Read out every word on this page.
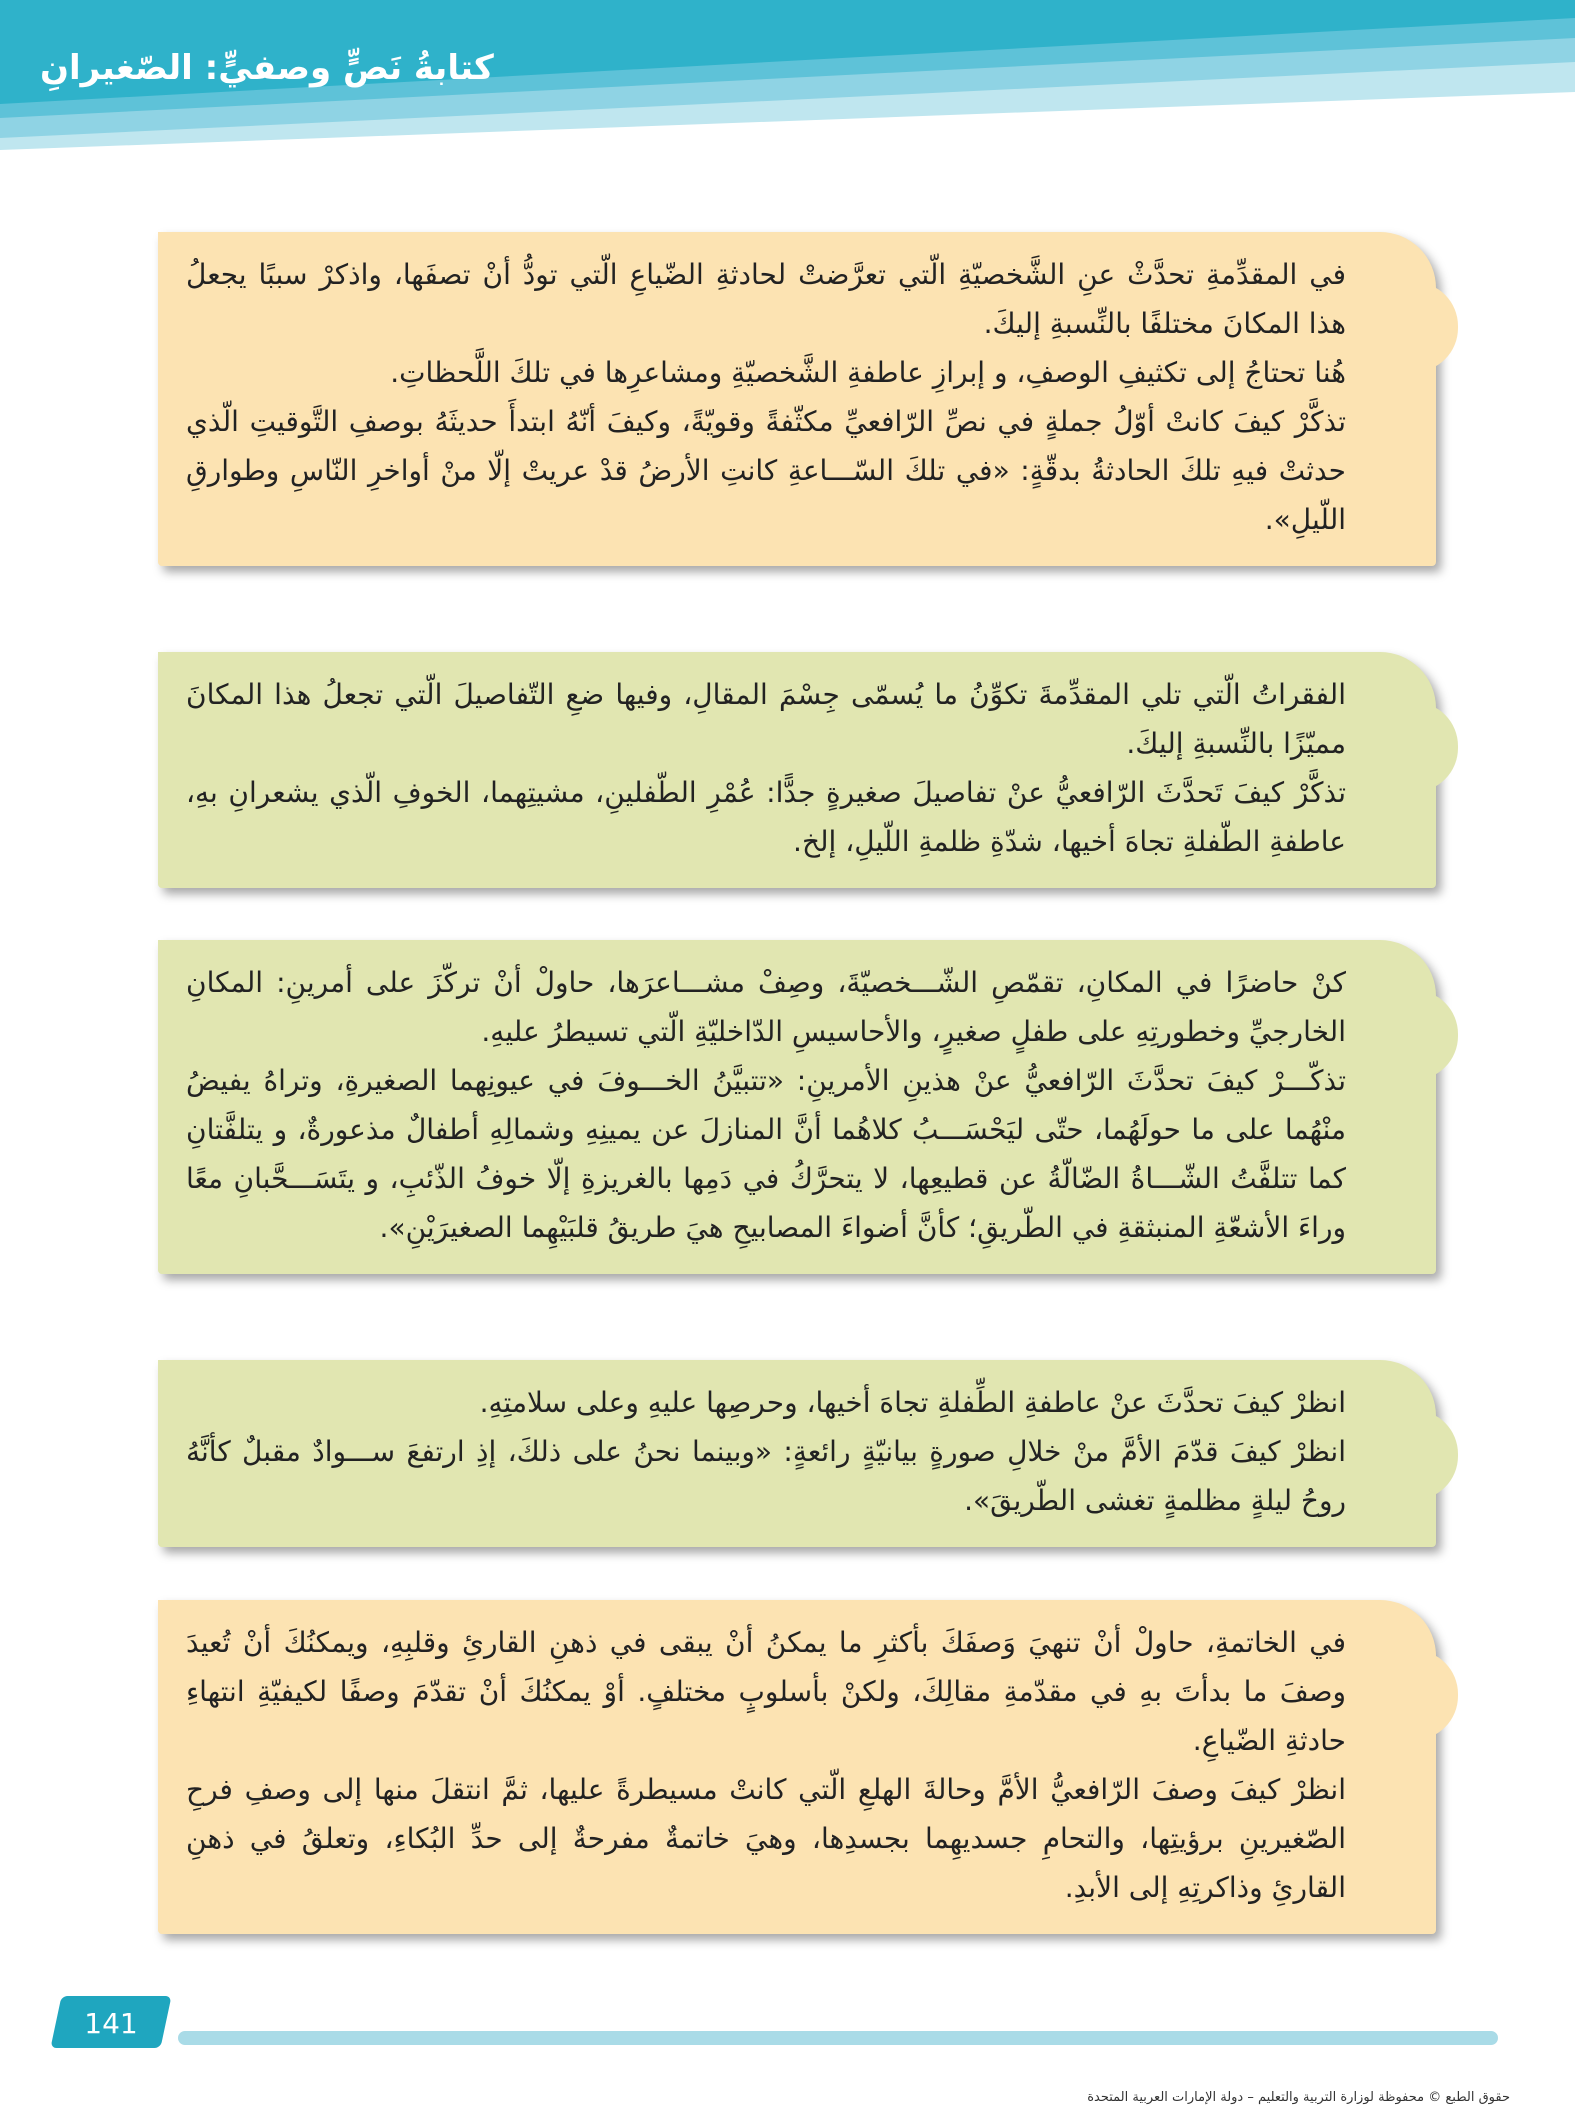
كتابةُ نَصٍّ وصفيٍّ: الصّغيرانِ

في المقدِّمةِ تحدَّثْ عنِ الشَّخصيّةِ الّتي تعرَّضتْ لحادثةِ الضّياعِ الّتي تودُّ أنْ تصفَها، واذكرْ سببًا يجعلُ هذا المكانَ مختلفًا بالنِّسبةِ إليكَ.

هُنا تحتاجُ إلى تكثيفِ الوصفِ، و إبرازِ عاطفةِ الشَّخصيّةِ ومشاعرِها في تلكَ اللَّحظاتِ.

تذكَّرْ كيفَ كانتْ أوّلُ جملةٍ في نصِّ الرّافعيِّ مكثّفةً وقويّةً، وكيفَ أنّهُ ابتدأَ حديثَهُ بوصفِ التَّوقيتِ الّذي حدثتْ فيهِ تلكَ الحادثةُ بدقّةٍ: «في تلكَ السّـــاعةِ كانتِ الأرضُ قدْ عريتْ إلّا منْ أواخرِ النّاسِ وطوارقِ اللّيلِ».

الفقراتُ الّتي تلي المقدِّمةَ تكوِّنُ ما يُسمّى جِسْمَ المقالِ، وفيها ضعِ التّفاصيلَ الّتي تجعلُ هذا المكانَ مميّزًا بالنِّسبةِ إليكَ.

تذكَّرْ كيفَ تَحدَّثَ الرّافعيُّ عنْ تفاصيلَ صغيرةٍ جدًّا: عُمْرِ الطّفلينِ، مشيتِهما، الخوفِ الّذي يشعرانِ بهِ، عاطفةِ الطّفلةِ تجاهَ أخيها، شدّةِ ظلمةِ اللّيلِ، إلخ.

كنْ حاضرًا في المكانِ، تقمّصِ الشّـــخصيّةَ، وصِفْ مشـــاعرَها، حاولْ أنْ تركّزَ على أمرينِ: المكانِ الخارجيِّ وخطورتِهِ على طفلٍ صغيرٍ، والأحاسيسِ الدّاخليّةِ الّتي تسيطرُ عليهِ.

تذكّـــرْ كيفَ تحدَّثَ الرّافعيُّ عنْ هذينِ الأمرينِ: «تتبيَّنُ الخـــوفَ في عيونِهما الصغيرةِ، وتراهُ يفيضُ منْهُما على ما حولَهُما، حتّى ليَحْسَـــبُ كلاهُما أنَّ المنازلَ عن يمينِهِ وشمالِهِ أطفالٌ مذعورةٌ، و يتلفَّتانِ كما تتلفَّتُ الشّـــاةُ الضّالّةُ عن قطيعِها، لا يتحرَّكُ في دَمِها بالغريزةِ إلّا خوفُ الذّئبِ، و يتَسَـــحَّبانِ معًا وراءَ الأشعّةِ المنبثقةِ في الطّريقِ؛ كأنَّ أضواءَ المصابيحِ هيَ طريقُ قلبَيْهِما الصغيرَيْنِ».

انظرْ كيفَ تحدَّثَ عنْ عاطفةِ الطِّفلةِ تجاهَ أخيها، وحرصِها عليهِ وعلى سلامتِهِ.

انظرْ كيفَ قدّمَ الأمَّ منْ خلالِ صورةٍ بيانيّةٍ رائعةٍ: «وبينما نحنُ على ذلكَ، إذِ ارتفعَ ســـوادٌ مقبلٌ كأنَّهُ روحُ ليلةٍ مظلمةٍ تغشى الطّريقَ».

في الخاتمةِ، حاولْ أنْ تنهيَ وَصفَكَ بأكثرِ ما يمكنُ أنْ يبقى في ذهنِ القارئِ وقلبِهِ، ويمكنُكَ أنْ تُعيدَ وصفَ ما بدأتَ بهِ في مقدّمةِ مقالِكَ، ولكنْ بأسلوبٍ مختلفٍ. أوْ يمكنُكَ أنْ تقدّمَ وصفًا لكيفيّةِ انتهاءِ حادثةِ الضّياعِ.

انظرْ كيفَ وصفَ الرّافعيُّ الأمَّ وحالةَ الهلعِ الّتي كانتْ مسيطرةً عليها، ثمَّ انتقلَ منها إلى وصفِ فرحِ الصّغيرينِ برؤيتِها، والتحامِ جسديهِما بجسدِها، وهيَ خاتمةٌ مفرحةٌ إلى حدِّ البُكاءِ، وتعلقُ في ذهنِ القارئِ وذاكرتِهِ إلى الأبدِ.

141
حقوق الطبع © محفوظة لوزارة التربية والتعليم – دولة الإمارات العربية المتحدة
